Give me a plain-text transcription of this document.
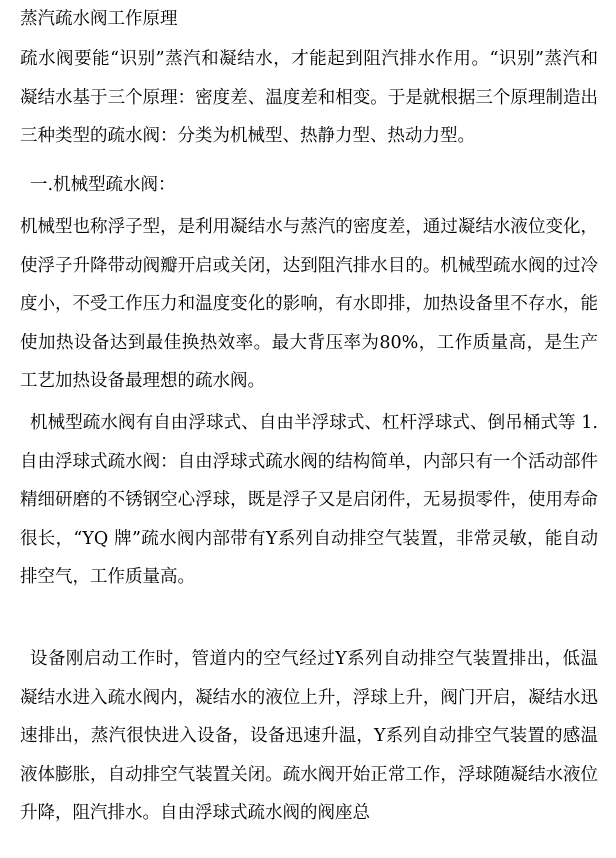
蒸汽疏水阀工作原理

疏水阀要能“识别”蒸汽和凝结水，才能起到阻汽排水作用。“识别”蒸汽和凝结水基于三个原理：密度差、温度差和相变。于是就根据三个原理制造出三种类型的疏水阀：分类为机械型、热静力型、热动力型。

一.机械型疏水阀：

机械型也称浮子型，是利用凝结水与蒸汽的密度差，通过凝结水液位变化，使浮子升降带动阀瓣开启或关闭，达到阻汽排水目的。机械型疏水阀的过冷度小，不受工作压力和温度变化的影响，有水即排，加热设备里不存水，能使加热设备达到最佳换热效率。最大背压率为80%，工作质量高，是生产工艺加热设备最理想的疏水阀。

机械型疏水阀有自由浮球式、自由半浮球式、杠杆浮球式、倒吊桶式等 1.自由浮球式疏水阀：自由浮球式疏水阀的结构简单，内部只有一个活动部件精细研磨的不锈钢空心浮球，既是浮子又是启闭件，无易损零件，使用寿命很长，“YQ 牌”疏水阀内部带有Y系列自动排空气装置，非常灵敏，能自动排空气，工作质量高。

设备刚启动工作时，管道内的空气经过Y系列自动排空气装置排出，低温凝结水进入疏水阀内，凝结水的液位上升，浮球上升，阀门开启，凝结水迅速排出，蒸汽很快进入设备，设备迅速升温，Y系列自动排空气装置的感温液体膨胀，自动排空气装置关闭。疏水阀开始正常工作，浮球随凝结水液位升降，阻汽排水。自由浮球式疏水阀的阀座总
